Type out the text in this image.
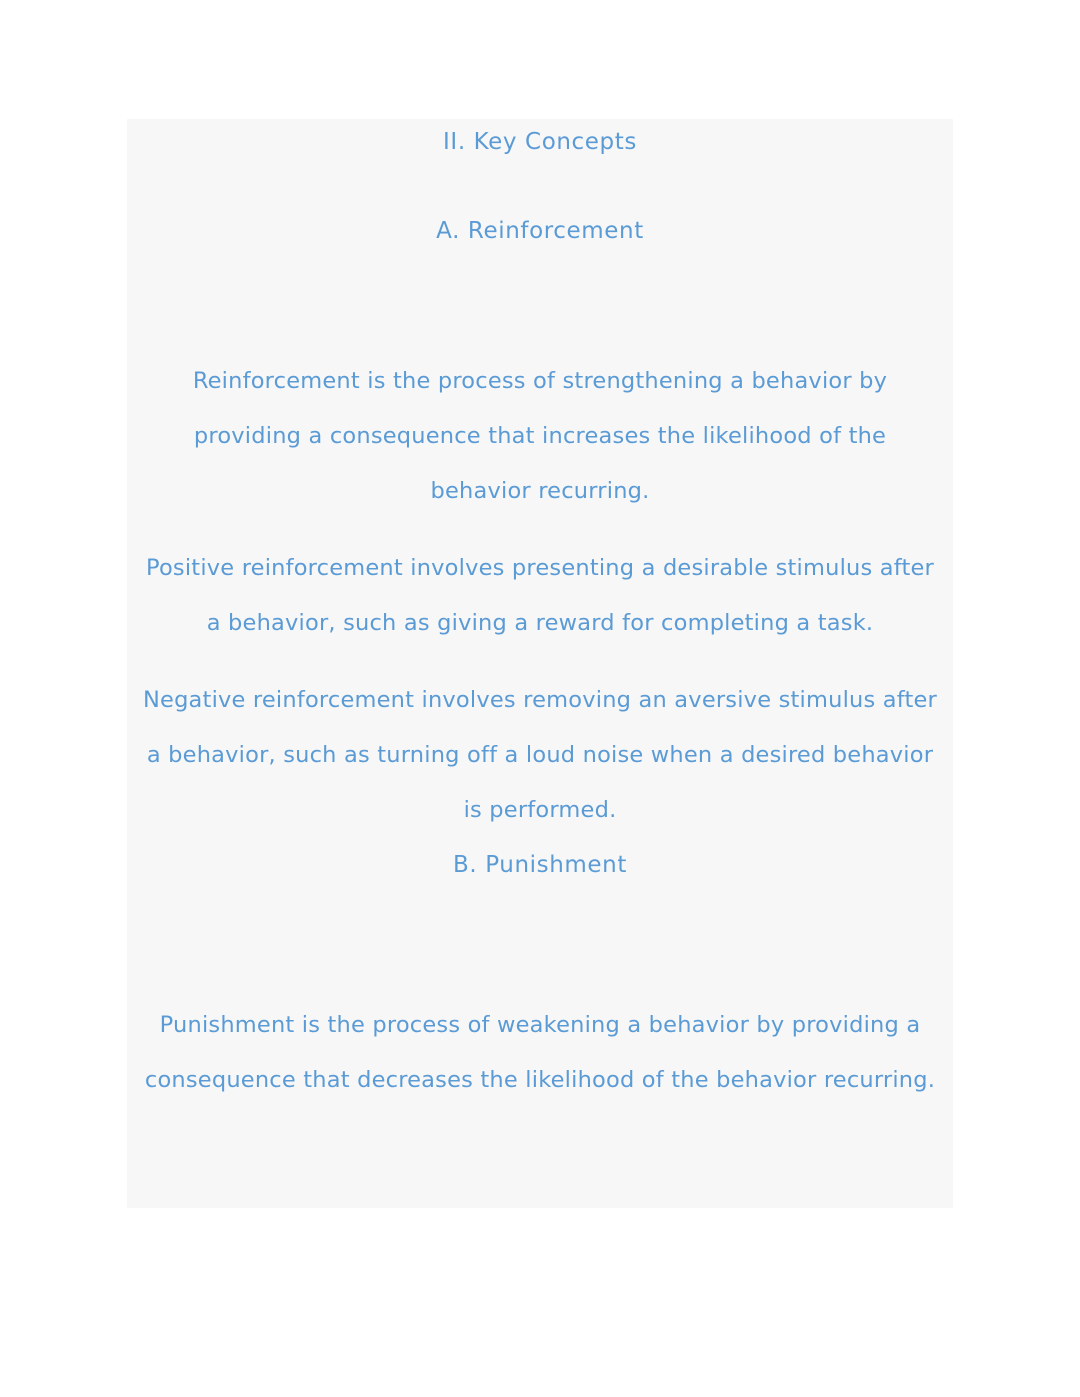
II. Key Concepts
A. Reinforcement

Reinforcement is the process of strengthening a behavior by providing a consequence that increases the likelihood of the behavior recurring.

Positive reinforcement involves presenting a desirable stimulus after a behavior, such as giving a reward for completing a task.

Negative reinforcement involves removing an aversive stimulus after a behavior, such as turning off a loud noise when a desired behavior is performed.

B. Punishment

Punishment is the process of weakening a behavior by providing a consequence that decreases the likelihood of the behavior recurring.
